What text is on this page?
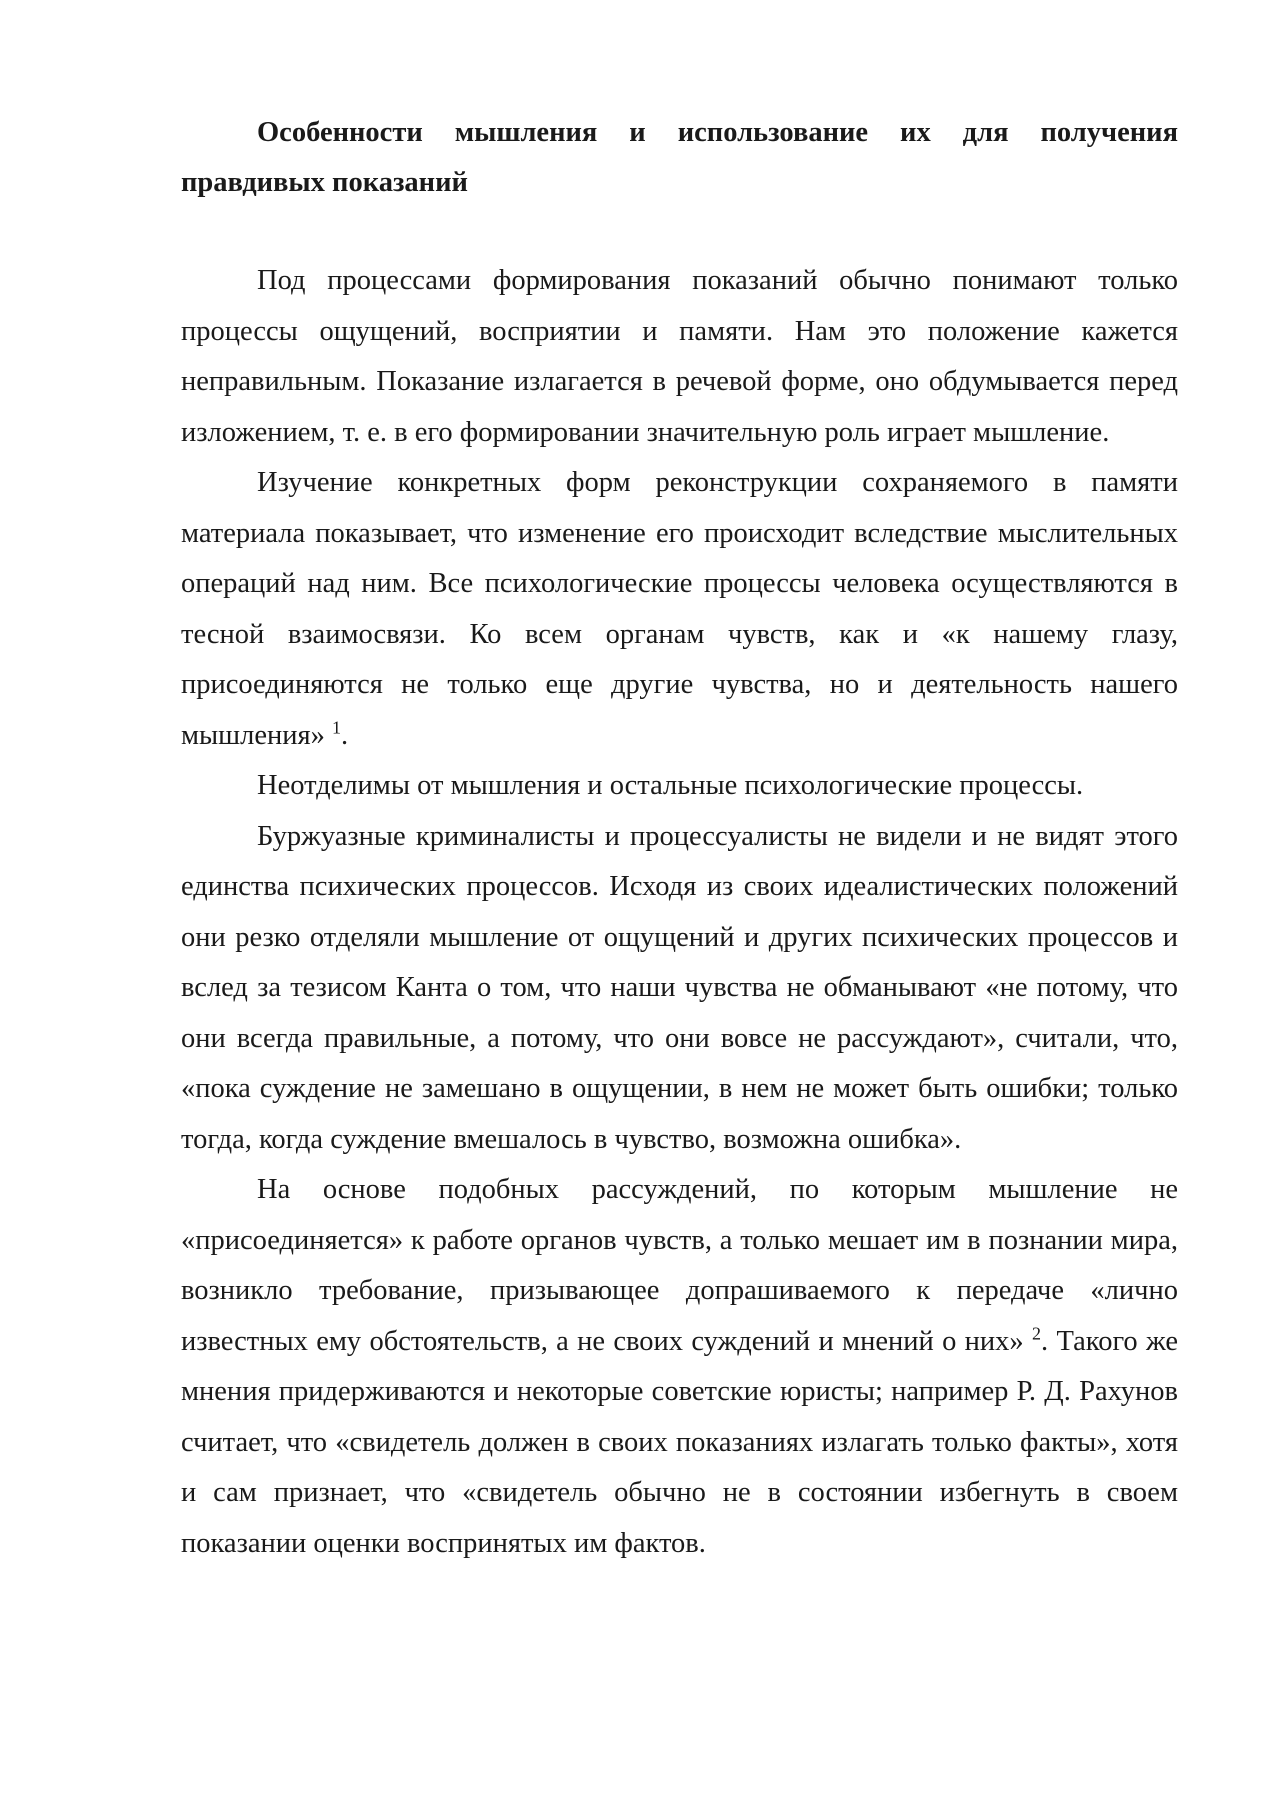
Особенности мышления и использование их для получения правдивых показаний

Под процессами формирования показаний обычно понимают только процессы ощущений, восприятии и памяти. Нам это положение кажется неправильным. Показание излагается в речевой форме, оно обдумывается перед изложением, т. е. в его формировании значительную роль играет мышление.

Изучение конкретных форм реконструкции сохраняемого в памяти материала показывает, что изменение его происходит вследствие мыслительных операций над ним. Все психологические процессы человека осуществляются в тесной взаимосвязи. Ко всем органам чувств, как и «к нашему глазу, присоединяются не только еще другие чувства, но и деятельность нашего мышления» $^1$.

Неотделимы от мышления и остальные психологические процессы.

Буржуазные криминалисты и процессуалисты не видели и не видят этого единства психических процессов. Исходя из своих идеалистических положений они резко отделяли мышление от ощущений и других психических процессов и вслед за тезисом Канта о том, что наши чувства не обманывают «не потому, что они всегда правильные, а потому, что они вовсе не рассуждают», считали, что, «пока суждение не замешано в ощущении, в нем не может быть ошибки; только тогда, когда суждение вмешалось в чувство, возможна ошибка».

На основе подобных рассуждений, по которым мышление не «присоединяется» к работе органов чувств, а только мешает им в познании мира, возникло требование, призывающее допрашиваемого к передаче «лично известных ему обстоятельств, а не своих суждений и мнений о них» $^2$. Такого же мнения придерживаются и некоторые советские юристы; например Р. Д. Рахунов считает, что «свидетель должен в своих показаниях излагать только факты», хотя и сам признает, что «свидетель обычно не в состоянии избегнуть в своем показании оценки воспринятых им фактов.
